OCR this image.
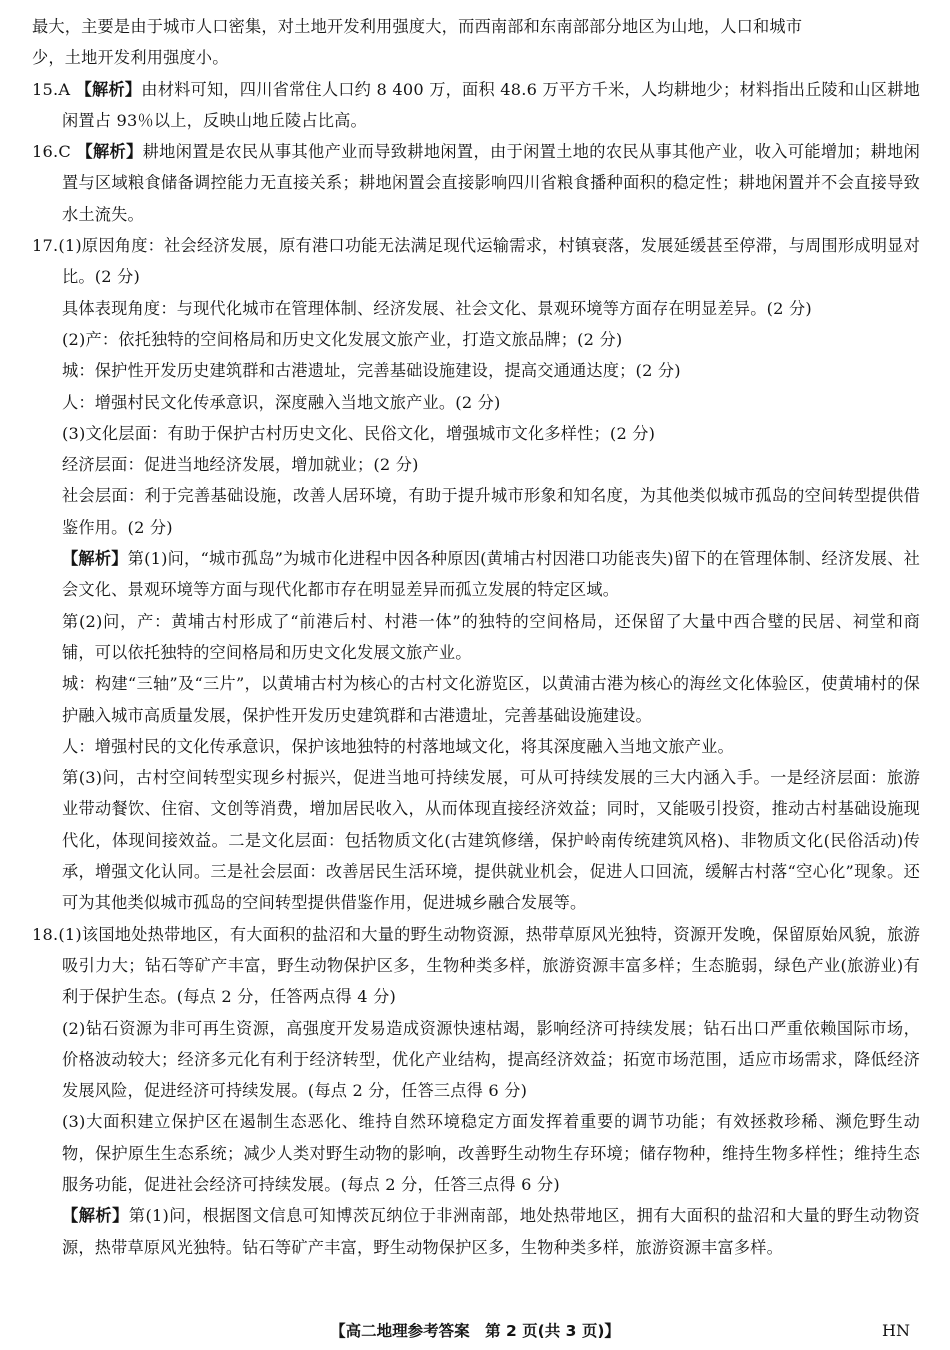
最大，主要是由于城市人口密集，对土地开发利用强度大，而西南部和东南部部分地区为山地，人口和城市
少，土地开发利用强度小。

15.A 【解析】由材料可知，四川省常住人口约 8 400 万，面积 48.6 万平方千米，人均耕地少；材料指出丘陵和山区耕地闲置占 93％以上，反映山地丘陵占比高。

16.C 【解析】耕地闲置是农民从事其他产业而导致耕地闲置，由于闲置土地的农民从事其他产业，收入可能增加；耕地闲置与区域粮食储备调控能力无直接关系；耕地闲置会直接影响四川省粮食播种面积的稳定性；耕地闲置并不会直接导致水土流失。

17.(1)原因角度：社会经济发展，原有港口功能无法满足现代运输需求，村镇衰落，发展延缓甚至停滞，与周围形成明显对比。(2 分)

具体表现角度：与现代化城市在管理体制、经济发展、社会文化、景观环境等方面存在明显差异。(2 分)

(2)产：依托独特的空间格局和历史文化发展文旅产业，打造文旅品牌；(2 分)

城：保护性开发历史建筑群和古港遗址，完善基础设施建设，提高交通通达度；(2 分)

人：增强村民文化传承意识，深度融入当地文旅产业。(2 分)

(3)文化层面：有助于保护古村历史文化、民俗文化，增强城市文化多样性；(2 分)

经济层面：促进当地经济发展，增加就业；(2 分)

社会层面：利于完善基础设施，改善人居环境，有助于提升城市形象和知名度，为其他类似城市孤岛的空间转型提供借鉴作用。(2 分)

【解析】第(1)问，“城市孤岛”为城市化进程中因各种原因(黄埔古村因港口功能丧失)留下的在管理体制、经济发展、社会文化、景观环境等方面与现代化都市存在明显差异而孤立发展的特定区域。

第(2)问，产：黄埔古村形成了“前港后村、村港一体”的独特的空间格局，还保留了大量中西合璧的民居、祠堂和商铺，可以依托独特的空间格局和历史文化发展文旅产业。

城：构建“三轴”及“三片”，以黄埔古村为核心的古村文化游览区，以黄浦古港为核心的海丝文化体验区，使黄埔村的保护融入城市高质量发展，保护性开发历史建筑群和古港遗址，完善基础设施建设。

人：增强村民的文化传承意识，保护该地独特的村落地域文化，将其深度融入当地文旅产业。

第(3)问，古村空间转型实现乡村振兴，促进当地可持续发展，可从可持续发展的三大内涵入手。一是经济层面：旅游业带动餐饮、住宿、文创等消费，增加居民收入，从而体现直接经济效益；同时，又能吸引投资，推动古村基础设施现代化，体现间接效益。二是文化层面：包括物质文化(古建筑修缮，保护岭南传统建筑风格)、非物质文化(民俗活动)传承，增强文化认同。三是社会层面：改善居民生活环境，提供就业机会，促进人口回流，缓解古村落“空心化”现象。还可为其他类似城市孤岛的空间转型提供借鉴作用，促进城乡融合发展等。

18.(1)该国地处热带地区，有大面积的盐沼和大量的野生动物资源，热带草原风光独特，资源开发晚，保留原始风貌，旅游吸引力大；钻石等矿产丰富，野生动物保护区多，生物种类多样，旅游资源丰富多样；生态脆弱，绿色产业(旅游业)有利于保护生态。(每点 2 分，任答两点得 4 分)

(2)钻石资源为非可再生资源，高强度开发易造成资源快速枯竭，影响经济可持续发展；钻石出口严重依赖国际市场，价格波动较大；经济多元化有利于经济转型，优化产业结构，提高经济效益；拓宽市场范围，适应市场需求，降低经济发展风险，促进经济可持续发展。(每点 2 分，任答三点得 6 分)

(3)大面积建立保护区在遏制生态恶化、维持自然环境稳定方面发挥着重要的调节功能；有效拯救珍稀、濒危野生动物，保护原生生态系统；减少人类对野生动物的影响，改善野生动物生存环境；储存物种，维持生物多样性；维持生态服务功能，促进社会经济可持续发展。(每点 2 分，任答三点得 6 分)

【解析】第(1)问，根据图文信息可知博茨瓦纳位于非洲南部，地处热带地区，拥有大面积的盐沼和大量的野生动物资源，热带草原风光独特。钻石等矿产丰富，野生动物保护区多，生物种类多样，旅游资源丰富多样。

【高二地理参考答案　第 2 页(共 3 页)】	HN
